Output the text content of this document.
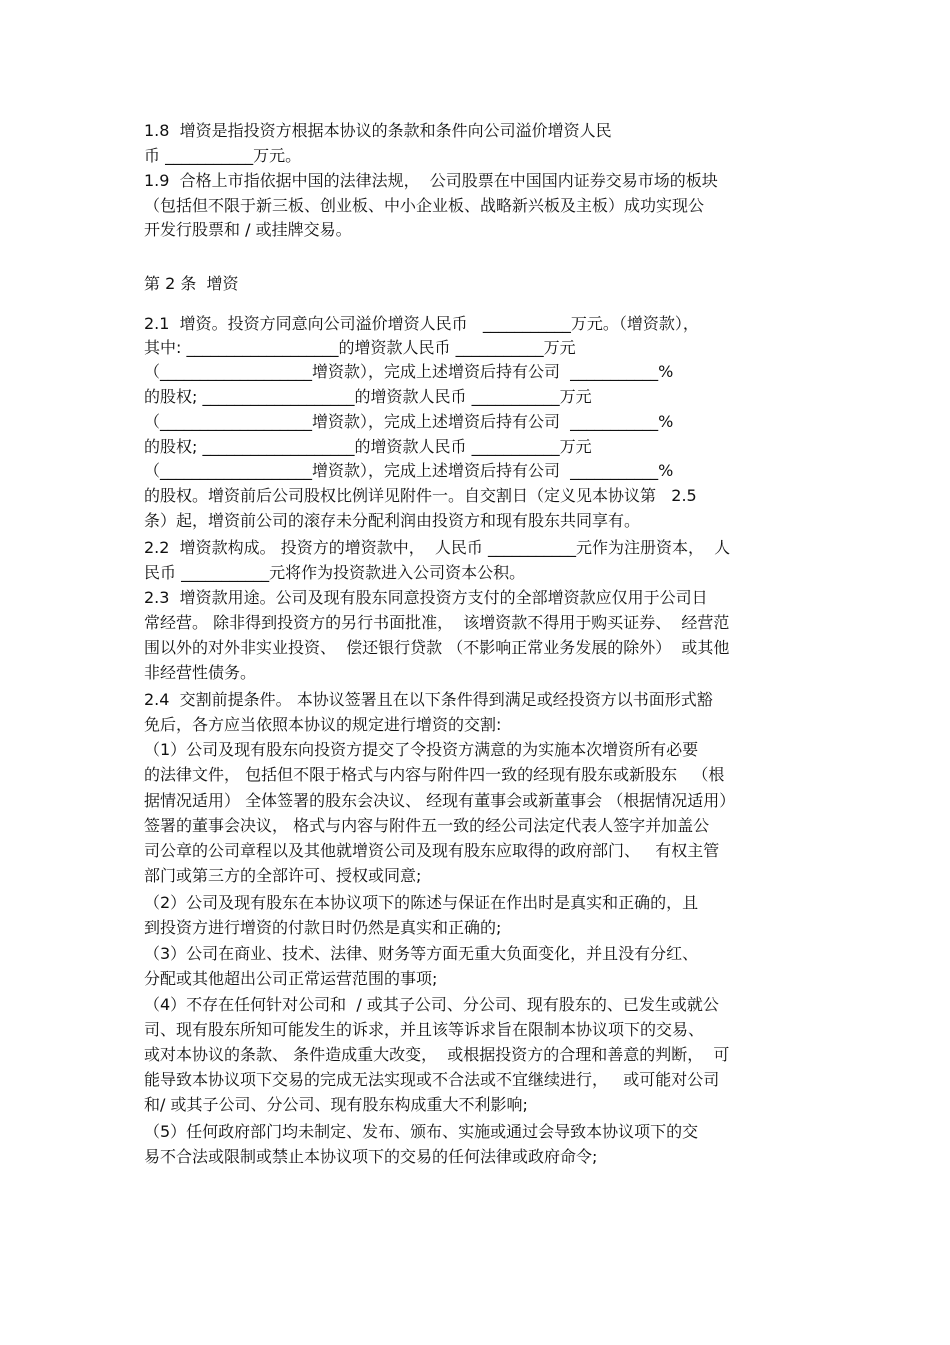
1.8  增资是指投资方根据本协议的条款和条件向公司溢价增资人民
币 ___________万元。
1.9  合格上市指依据中国的法律法规，  公司股票在中国国内证券交易市场的板块
（包括但不限于新三板、创业板、中小企业板、战略新兴板及主板）成功实现公
开发行股票和 / 或挂牌交易。
第 2 条  增资
2.1  增资。投资方同意向公司溢价增资人民币   ___________万元。（增资款），
其中: ___________________的增资款人民币 ___________万元
（___________________增资款），完成上述增资后持有公司  ___________%
的股权; ___________________的增资款人民币 ___________万元
（___________________增资款），完成上述增资后持有公司  ___________%
的股权; ___________________的增资款人民币 ___________万元
（___________________增资款），完成上述增资后持有公司  ___________%
的股权。增资前后公司股权比例详见附件一。自交割日（定义见本协议第   2.5
条）起，增资前公司的滚存未分配利润由投资方和现有股东共同享有。
2.2  增资款构成。 投资方的增资款中，  人民币 ___________元作为注册资本，  人
民币 ___________元将作为投资款进入公司资本公积。
2.3  增资款用途。公司及现有股东同意投资方支付的全部增资款应仅用于公司日
常经营。 除非得到投资方的另行书面批准，  该增资款不得用于购买证券、  经营范
围以外的对外非实业投资、  偿还银行贷款 （不影响正常业务发展的除外）  或其他
非经营性债务。
2.4  交割前提条件。 本协议签署且在以下条件得到满足或经投资方以书面形式豁
免后，各方应当依照本协议的规定进行增资的交割:
（1）公司及现有股东向投资方提交了令投资方满意的为实施本次增资所有必要
的法律文件， 包括但不限于格式与内容与附件四一致的经现有股东或新股东   （根
据情况适用） 全体签署的股东会决议、 经现有董事会或新董事会 （根据情况适用）
签署的董事会决议， 格式与内容与附件五一致的经公司法定代表人签字并加盖公
司公章的公司章程以及其他就增资公司及现有股东应取得的政府部门、   有权主管
部门或第三方的全部许可、授权或同意;
（2）公司及现有股东在本协议项下的陈述与保证在作出时是真实和正确的，且
到投资方进行增资的付款日时仍然是真实和正确的;
（3）公司在商业、技术、法律、财务等方面无重大负面变化，并且没有分红、
分配或其他超出公司正常运营范围的事项;
（4）不存在任何针对公司和  / 或其子公司、分公司、现有股东的、已发生或就公
司、现有股东所知可能发生的诉求，并且该等诉求旨在限制本协议项下的交易、
或对本协议的条款、 条件造成重大改变，  或根据投资方的合理和善意的判断，  可
能导致本协议项下交易的完成无法实现或不合法或不宜继续进行，   或可能对公司
和/ 或其子公司、分公司、现有股东构成重大不利影响;
（5）任何政府部门均未制定、发布、颁布、实施或通过会导致本协议项下的交
易不合法或限制或禁止本协议项下的交易的任何法律或政府命令;
